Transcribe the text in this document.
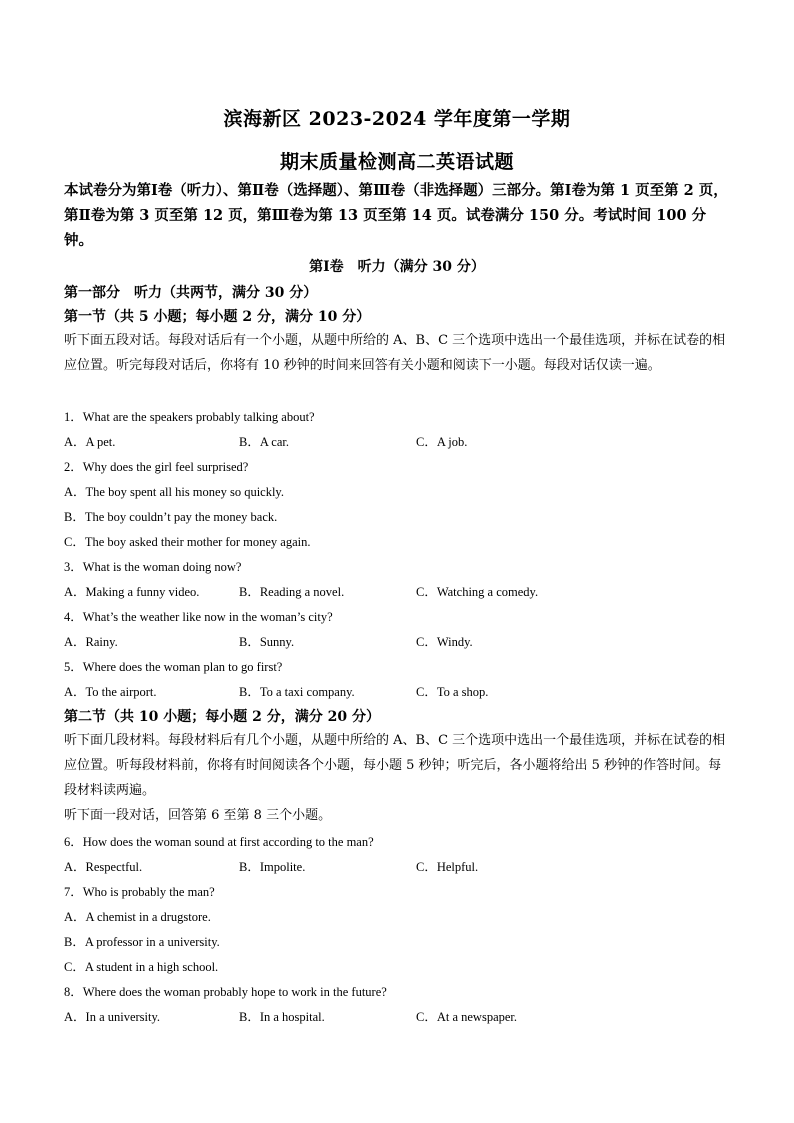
滨海新区 2023-2024 学年度第一学期
期末质量检测高二英语试题
本试卷分为第Ⅰ卷（听力）、第Ⅱ卷（选择题）、第Ⅲ卷（非选择题）三部分。第Ⅰ卷为第 1 页至第 2 页，第Ⅱ卷为第 3 页至第 12 页，第Ⅲ卷为第 13 页至第 14 页。试卷满分 150 分。考试时间 100 分钟。
第Ⅰ卷　听力（满分 30 分）
第一部分　听力（共两节，满分 30 分）
第一节（共 5 小题；每小题 2 分，满分 10 分）
听下面五段对话。每段对话后有一个小题，从题中所给的 A、B、C 三个选项中选出一个最佳选项，并标在试卷的相应位置。听完每段对话后，你将有 10 秒钟的时间来回答有关小题和阅读下一小题。每段对话仅读一遍。
1．What are the speakers probably talking about?
A．A pet.	B．A car.	C．A job.
2．Why does the girl feel surprised?
A．The boy spent all his money so quickly.
B．The boy couldn’t pay the money back.
C．The boy asked their mother for money again.
3．What is the woman doing now?
A．Making a funny video.	B．Reading a novel.	C．Watching a comedy.
4．What’s the weather like now in the woman’s city?
A．Rainy.	B．Sunny.	C．Windy.
5．Where does the woman plan to go first?
A．To the airport.	B．To a taxi company.	C．To a shop.
第二节（共 10 小题；每小题 2 分，满分 20 分）
听下面几段材料。每段材料后有几个小题，从题中所给的 A、B、C 三个选项中选出一个最佳选项，并标在试卷的相应位置。听每段材料前，你将有时间阅读各个小题，每小题 5 秒钟；听完后，各小题将给出 5 秒钟的作答时间。每段材料读两遍。
听下面一段对话，回答第 6 至第 8 三个小题。
6．How does the woman sound at first according to the man?
A．Respectful.	B．Impolite.	C．Helpful.
7．Who is probably the man?
A．A chemist in a drugstore.
B．A professor in a university.
C．A student in a high school.
8．Where does the woman probably hope to work in the future?
A．In a university.	B．In a hospital.	C．At a newspaper.
